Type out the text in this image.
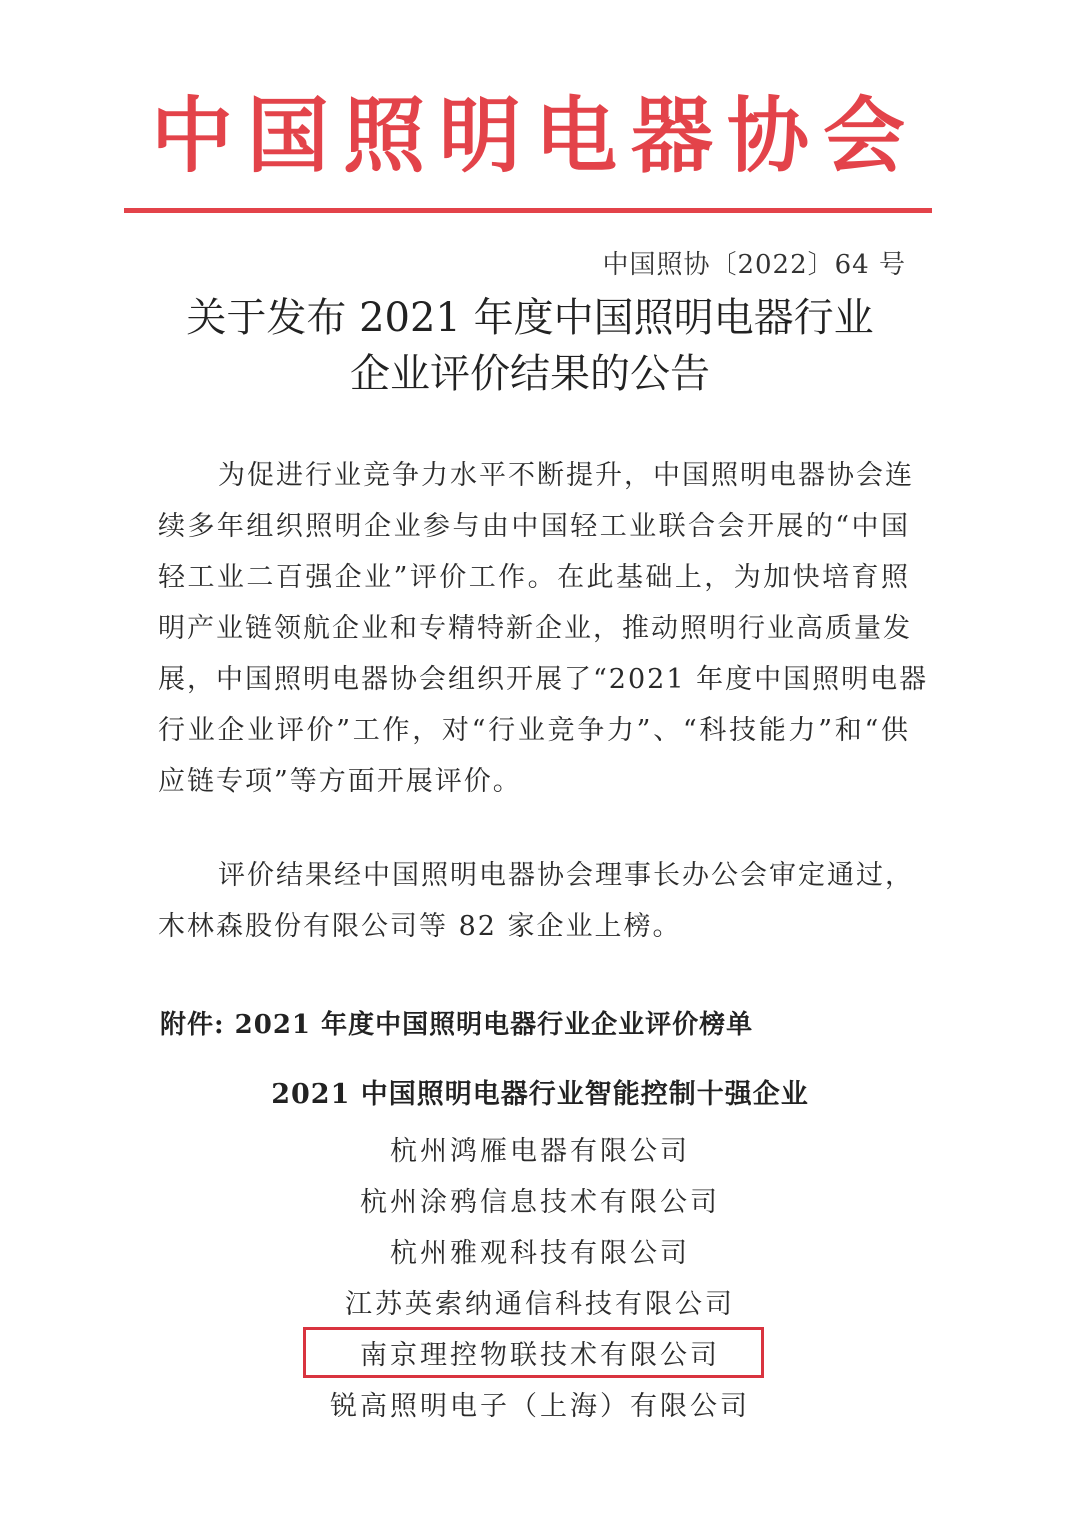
中国照明电器协会
中国照协〔2022〕64 号
关于发布 2021 年度中国照明电器行业
企业评价结果的公告
为促进行业竞争力水平不断提升，中国照明电器协会连
续多年组织照明企业参与由中国轻工业联合会开展的“中国
轻工业二百强企业”评价工作。在此基础上，为加快培育照
明产业链领航企业和专精特新企业，推动照明行业高质量发
展，中国照明电器协会组织开展了“2021 年度中国照明电器
行业企业评价”工作，对“行业竞争力”、“科技能力”和“供
应链专项”等方面开展评价。
评价结果经中国照明电器协会理事长办公会审定通过，
木林森股份有限公司等 82 家企业上榜。
附件: 2021 年度中国照明电器行业企业评价榜单
2021 中国照明电器行业智能控制十强企业
杭州鸿雁电器有限公司
杭州涂鸦信息技术有限公司
杭州雅观科技有限公司
江苏英索纳通信科技有限公司
南京理控物联技术有限公司
锐高照明电子（上海）有限公司
